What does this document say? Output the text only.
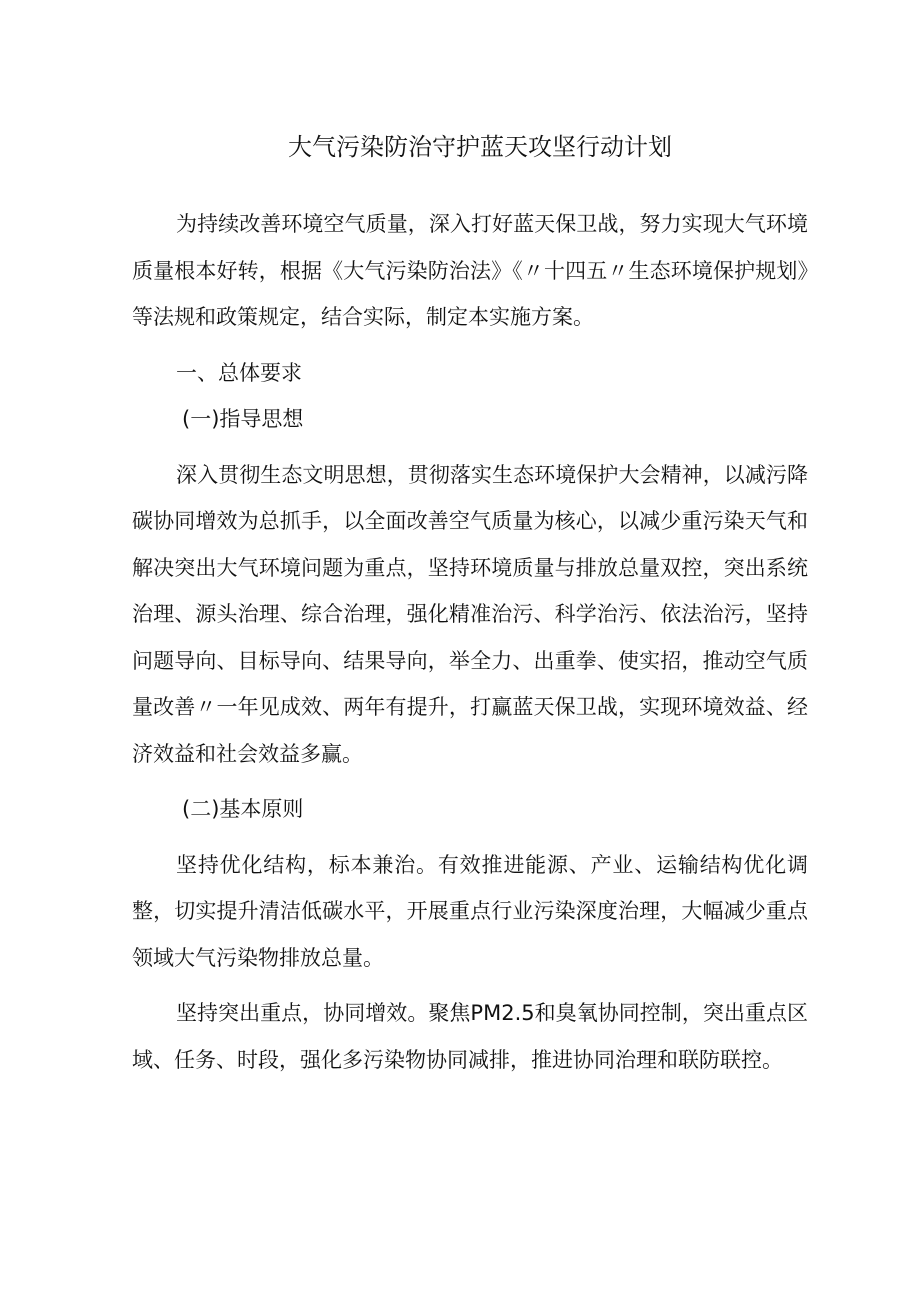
大气污染防治守护蓝天攻坚行动计划

为持续改善环境空气质量，深入打好蓝天保卫战，努力实现大气环境质量根本好转，根据《大气污染防治法》《〃十四五〃生态环境保护规划》等法规和政策规定，结合实际，制定本实施方案。

一、总体要求

(一)指导思想

深入贯彻生态文明思想，贯彻落实生态环境保护大会精神，以减污降碳协同增效为总抓手，以全面改善空气质量为核心，以减少重污染天气和解决突出大气环境问题为重点，坚持环境质量与排放总量双控，突出系统治理、源头治理、综合治理，强化精准治污、科学治污、依法治污，坚持问题导向、目标导向、结果导向，举全力、出重拳、使实招，推动空气质量改善〃一年见成效、两年有提升，打赢蓝天保卫战，实现环境效益、经济效益和社会效益多赢。

(二)基本原则

坚持优化结构，标本兼治。有效推进能源、产业、运输结构优化调整，切实提升清洁低碳水平，开展重点行业污染深度治理，大幅减少重点领域大气污染物排放总量。

坚持突出重点，协同增效。聚焦PM2.5和臭氧协同控制，突出重点区域、任务、时段，强化多污染物协同减排，推进协同治理和联防联控。
